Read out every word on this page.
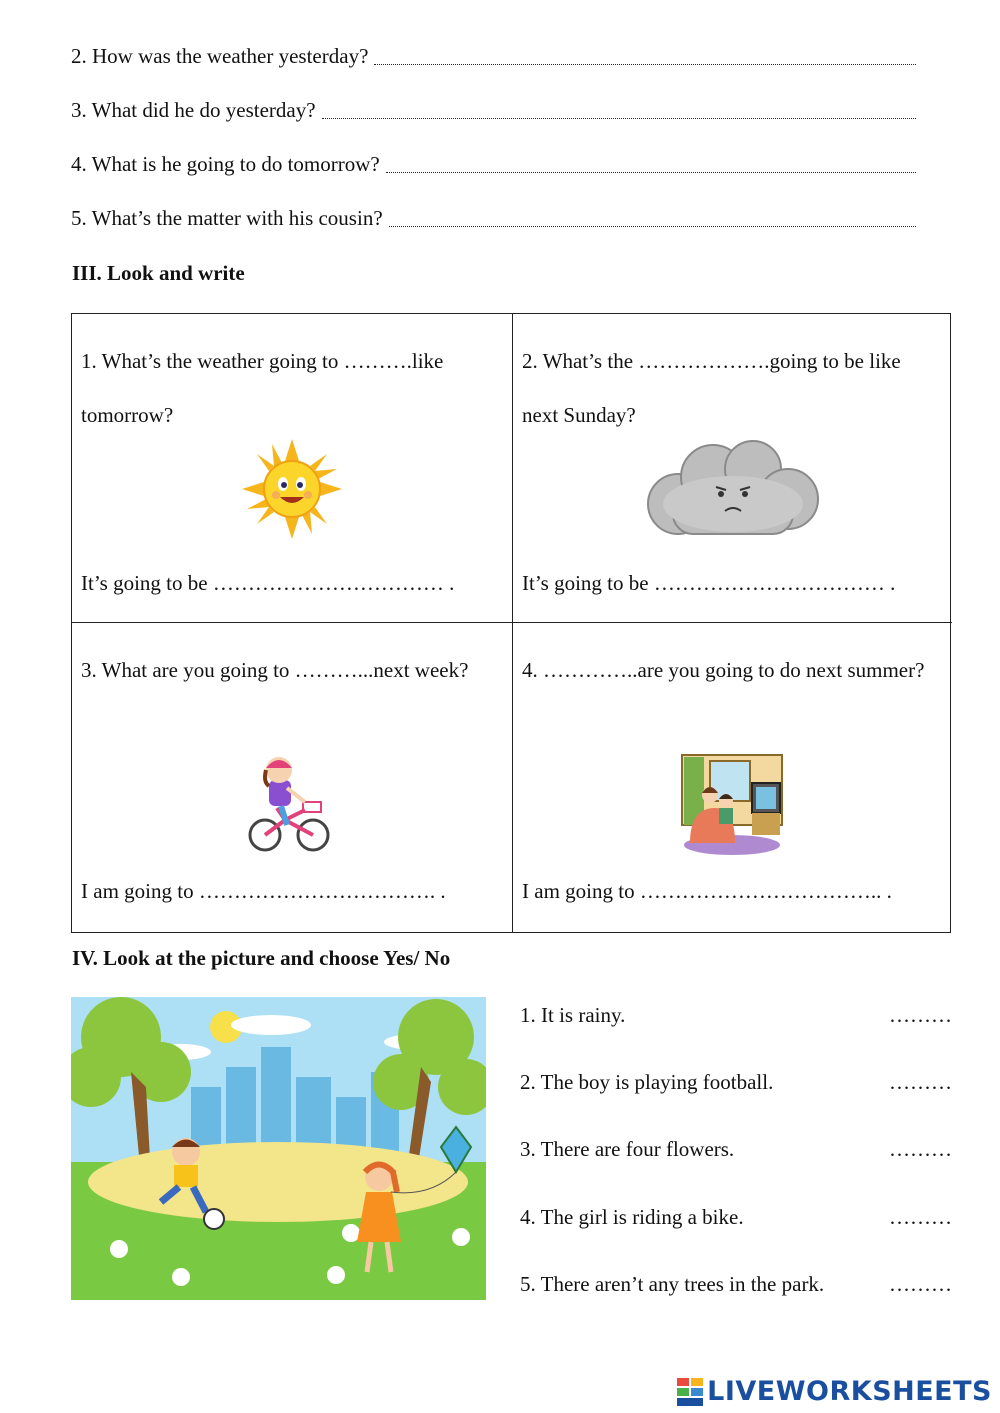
2. How was the weather yesterday?
3. What did he do yesterday?
4. What is he going to do tomorrow?
5. What’s the matter with his cousin?
III. Look and write
1. What’s the weather going to ……….like tomorrow?
It’s going to be …………………………… .
2. What’s the ……………….going to be like next Sunday?
It’s going to be …………………………… .
3. What are you going to ………...next week?
I am going to ……………………………. .
4. …………..are you going to do next summer?
I am going to …………………………….. .
IV. Look at the picture and choose Yes/ No
1. It is rainy.	………
2. The boy is playing football.	………
3. There are four flowers.	………
4. The girl is riding a bike.	………
5. There aren’t any trees in the park.	………
LIVEWORKSHEETS
